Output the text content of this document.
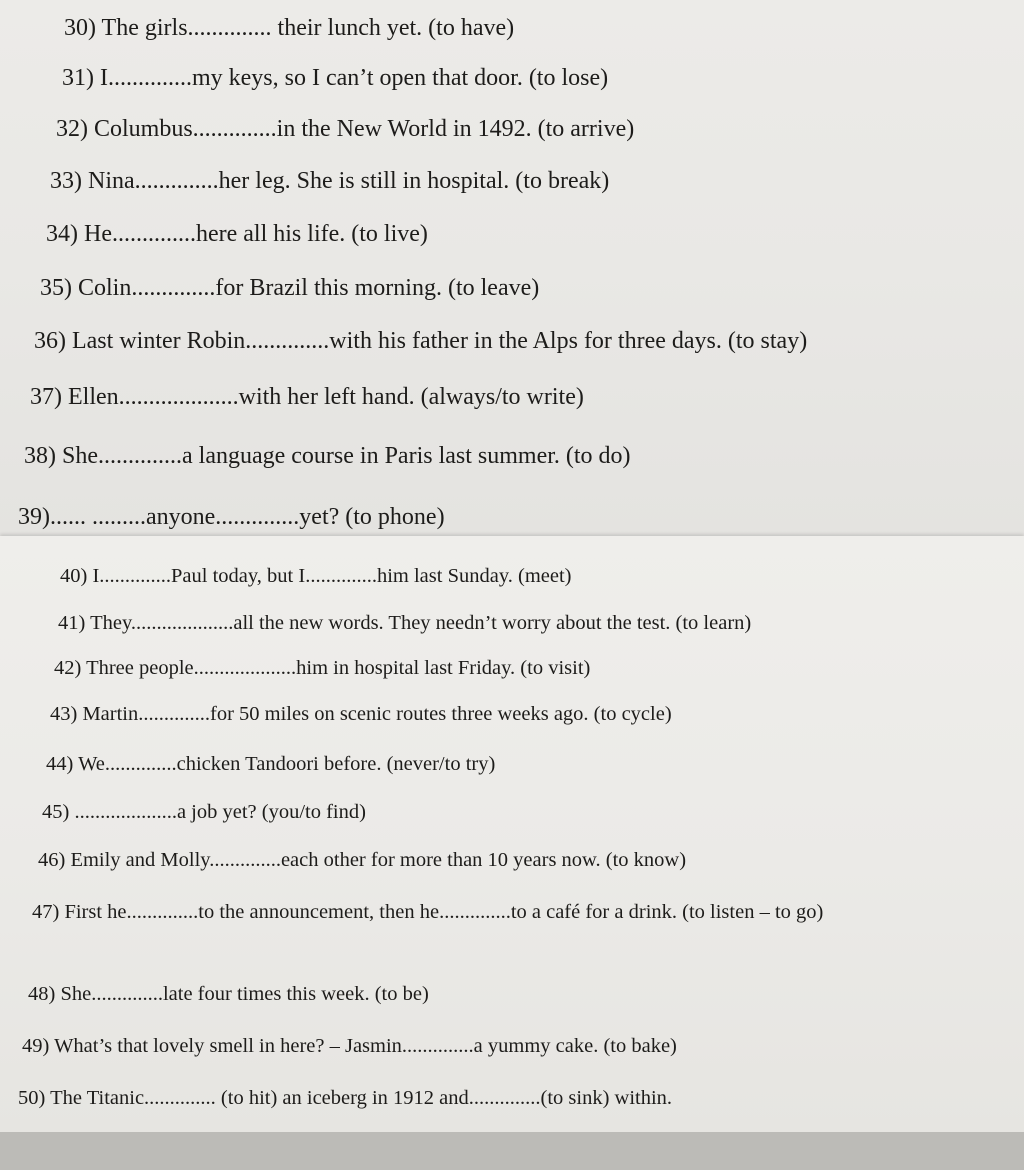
30) The girls.............. their lunch yet. (to have)
31) I..............my keys, so I can’t open that door. (to lose)
32) Columbus..............in the New World in 1492. (to arrive)
33) Nina..............her leg. She is still in hospital. (to break)
34) He..............here all his life. (to live)
35) Colin..............for Brazil this morning. (to leave)
36) Last winter Robin..............with his father in the Alps for three days. (to stay)
37) Ellen....................with her left hand. (always/to write)
38) She..............a language course in Paris last summer. (to do)
39)...... .........anyone..............yet? (to phone)
40) I..............Paul today, but I..............him last Sunday. (meet)
41) They....................all the new words. They needn’t worry about the test. (to learn)
42) Three people....................him in hospital last Friday. (to visit)
43) Martin..............for 50 miles on scenic routes three weeks ago. (to cycle)
44) We..............chicken Tandoori before. (never/to try)
45) ....................a job yet? (you/to find)
46) Emily and Molly..............each other for more than 10 years now. (to know)
47) First he..............to the announcement, then he..............to a café for a drink. (to listen – to go)
48) She..............late four times this week. (to be)
49) What’s that lovely smell in here? – Jasmin..............a yummy cake. (to bake)
50) The Titanic.............. (to hit) an iceberg in 1912 and..............(to sink) within.
